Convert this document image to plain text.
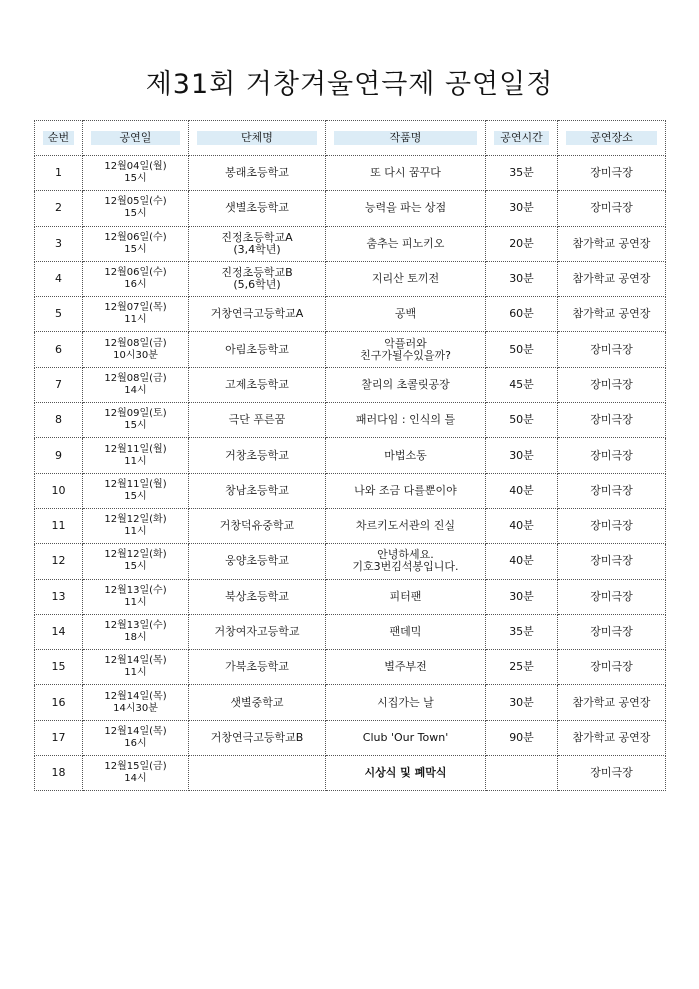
제31회 거창겨울연극제 공연일정
순번	공연일	단체명	작품명	공연시간	공연장소

1	12월04일(월)
15시	봉래초등학교	또 다시 꿈꾸다	35분	장미극장

2	12월05일(수)
15시	샛별초등학교	능력을 파는 상점	30분	장미극장

3	12월06일(수)
15시	진정초등학교A
(3,4학년)	춤추는 피노키오	20분	참가학교 공연장

4	12월06일(수)
16시	진정초등학교B
(5,6학년)	지리산 토끼전	30분	참가학교 공연장

5	12월07일(목)
11시	거창연극고등학교A	공백	60분	참가학교 공연장

6	12월08일(금)
10시30분	아림초등학교	악플러와
친구가될수있을까?	50분	장미극장

7	12월08일(금)
14시	고제초등학교	찰리의 초콜릿공장	45분	장미극장

8	12월09일(토)
15시	극단 푸른꿈	패러다임 : 인식의 틀	50분	장미극장

9	12월11일(월)
11시	거창초등학교	마법소동	30분	장미극장

10	12월11일(월)
15시	창남초등학교	나와 조금 다를뿐이야	40분	장미극장

11	12월12일(화)
11시	거창덕유중학교	차르키도서관의 진실	40분	장미극장

12	12월12일(화)
15시	웅양초등학교	안녕하세요.
기호3번김석봉입니다.	40분	장미극장

13	12월13일(수)
11시	북상초등학교	피터팬	30분	장미극장

14	12월13일(수)
18시	거창여자고등학교	팬데믹	35분	장미극장

15	12월14일(목)
11시	가북초등학교	별주부전	25분	장미극장

16	12월14일(목)
14시30분	샛별중학교	시집가는 날	30분	참가학교 공연장

17	12월14일(목)
16시	거창연극고등학교B	Club 'Our Town'	90분	참가학교 공연장

18	12월15일(금)
14시		시상식 및 폐막식		장미극장
